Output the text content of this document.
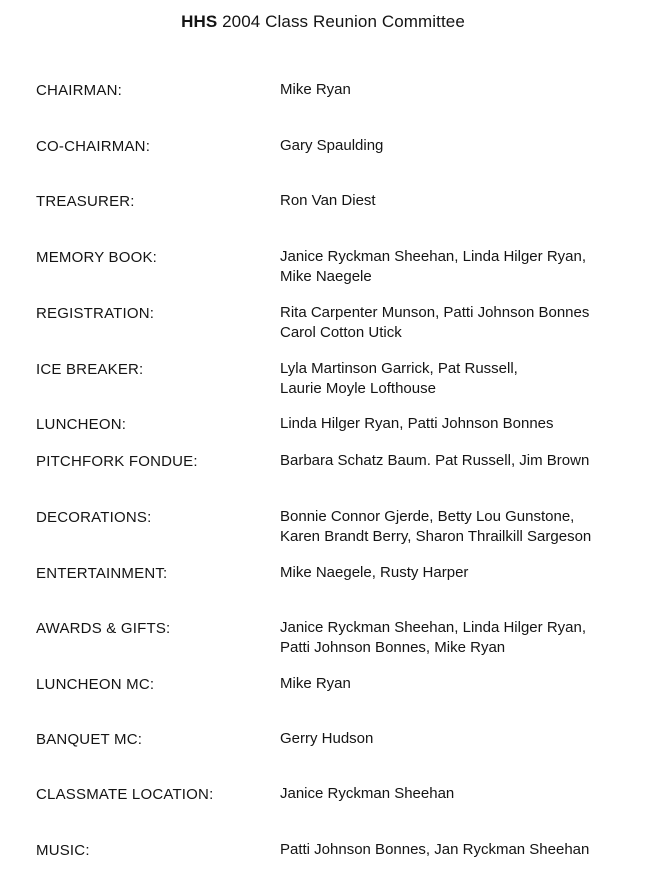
HHS 2004 Class Reunion Committee
CHAIRMAN:	Mike Ryan
CO-CHAIRMAN:	Gary Spaulding
TREASURER:	Ron Van Diest
MEMORY BOOK:	Janice Ryckman Sheehan, Linda Hilger Ryan,
Mike Naegele
REGISTRATION:	Rita Carpenter Munson, Patti Johnson Bonnes
Carol Cotton Utick
ICE BREAKER:	Lyla Martinson Garrick, Pat Russell,
Laurie Moyle Lofthouse
LUNCHEON:	Linda Hilger Ryan, Patti Johnson Bonnes
PITCHFORK FONDUE:	Barbara Schatz Baum. Pat Russell, Jim Brown
DECORATIONS:	Bonnie Connor Gjerde, Betty Lou Gunstone,
Karen Brandt Berry, Sharon Thrailkill Sargeson
ENTERTAINMENT:	Mike Naegele, Rusty Harper
AWARDS & GIFTS:	Janice Ryckman Sheehan, Linda Hilger Ryan,
Patti Johnson Bonnes, Mike Ryan
LUNCHEON MC:	Mike Ryan
BANQUET MC:	Gerry Hudson
CLASSMATE LOCATION:	Janice Ryckman Sheehan
MUSIC:	Patti Johnson Bonnes, Jan Ryckman Sheehan
